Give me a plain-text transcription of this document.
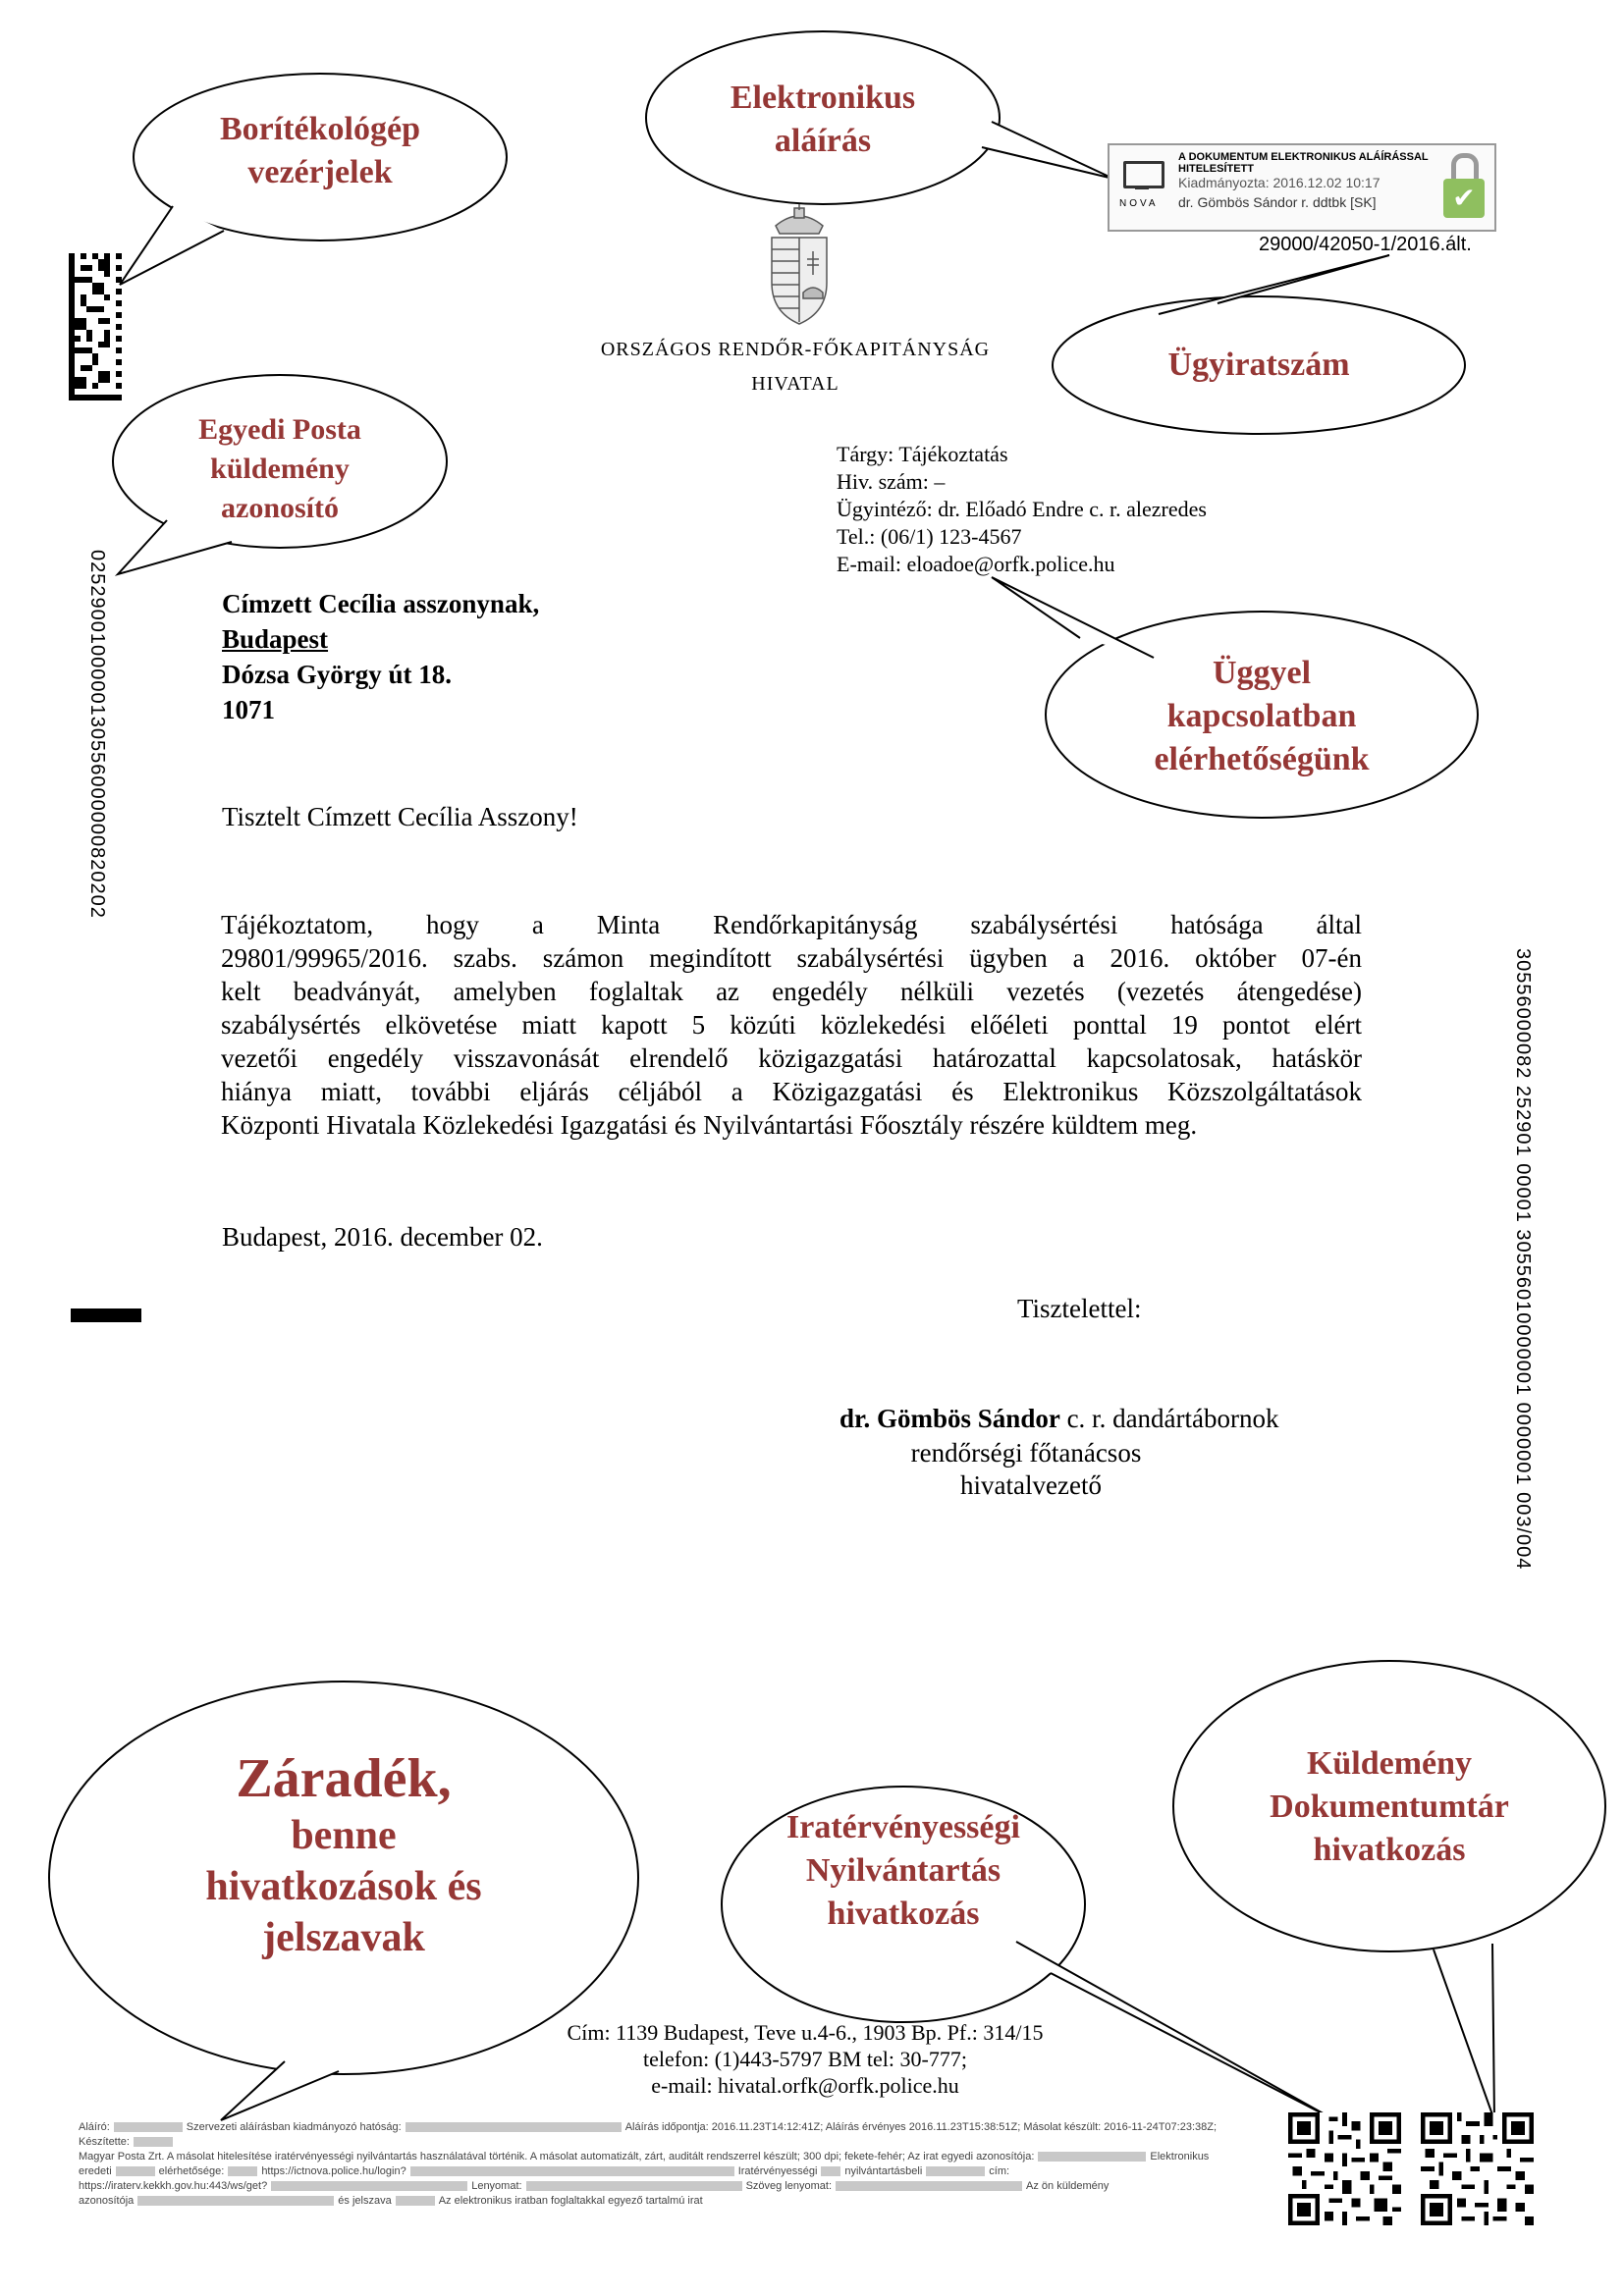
Borítékológép
vezérjelek
Elektronikus
aláírás
Ügyiratszám
Egyedi Posta
küldemény
azonosító
Üggyel
kapcsolatban
elérhetőségünk
Záradék,
benne
hivatkozások és
jelszavak
Iratérvényességi
Nyilvántartás
hivatkozás
Küldemény
Dokumentumtár
hivatkozás
0252900100000130556000000820202
30556000082 252901 00001 30556010000001 0000001 003/004
ORSZÁGOS RENDŐR-FŐKAPITÁNYSÁG
HIVATAL
NOVA
A DOKUMENTUM ELEKTRONIKUS ALÁÍRÁSSAL HITELESÍTETT
Kiadmányozta: 2016.12.02 10:17
dr. Gömbös Sándor r. ddtbk [SK]	✔
29000/42050-1/2016.ált.
Tárgy: Tájékoztatás
Hiv. szám: –
Ügyintéző: dr. Előadó Endre c. r. alezredes
Tel.: (06/1) 123-4567
E-mail: eloadoe@orfk.police.hu
Címzett Cecília asszonynak,
Budapest
Dózsa György út 18.
1071
Tisztelt Címzett Cecília Asszony!
Tájékoztatom, hogy a Minta Rendőrkapitányság szabálysértési hatósága által
29801/99965/2016. szabs. számon megindított szabálysértési ügyben a 2016. október 07-én
kelt beadványát, amelyben foglaltak az engedély nélküli vezetés (vezetés átengedése)
szabálysértés elkövetése miatt kapott 5 közúti közlekedési előéleti ponttal 19 pontot elért
vezetői engedély visszavonását elrendelő közigazgatási határozattal kapcsolatosak, hatáskör
hiánya miatt, további eljárás céljából a Közigazgatási és Elektronikus Közszolgáltatások
Központi Hivatala Közlekedési Igazgatási és Nyilvántartási Főosztály részére küldtem meg.
Budapest, 2016. december 02.
Tisztelettel:
dr. Gömbös Sándor c. r. dandártábornok
rendőrségi főtanácsos
hivatalvezető
Cím: 1139 Budapest, Teve u.4-6., 1903 Bp. Pf.: 314/15
telefon: (1)443-5797 BM tel: 30-777;
e-mail: hivatal.orfk@orfk.police.hu
Aláíró:	Szervezeti aláírásban kiadmányozó hatóság:	Aláírás időpontja: 2016.11.23T14:12:41Z; Aláírás érvényes 2016.11.23T15:38:51Z; Másolat készült: 2016-11-24T07:23:38Z; Készítette:
Magyar Posta Zrt. A másolat hitelesítése iratérvényességi nyilvántartás használatával történik. A másolat automatizált, zárt, auditált rendszerrel készült; 300 dpi; fekete-fehér; Az irat egyedi azonosítója:	Elektronikus
eredeti	elérhetősége:	https://ictnova.police.hu/login?	Iratérvényességi	nyilvántartásbeli	cím:
https://iraterv.kekkh.gov.hu:443/ws/get?	Lenyomat:	Szöveg lenyomat:	Az ön küldemény
azonosítója	és jelszava	Az elektronikus iratban foglaltakkal egyező tartalmú irat
